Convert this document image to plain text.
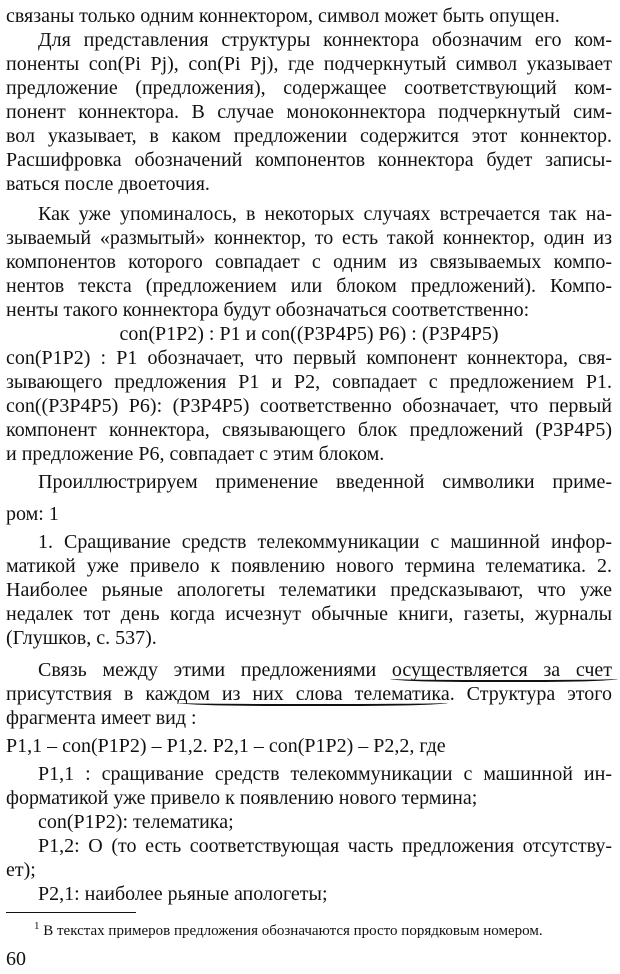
связаны только одним коннектором, символ может быть опущен.
Для представления структуры коннектора обозначим его ком-
поненты con(Pi Pj), con(Pi Pj), где подчеркнутый символ указывает
предложение (предложения), содержащее соответствующий ком-
понент коннектора. В случае моноконнектора подчеркнутый сим-
вол указывает, в каком предложении содержится этот коннектор.
Расшифровка обозначений компонентов коннектора будет записы-
ваться после двоеточия.
Как уже упоминалось, в некоторых случаях встречается так на-
зываемый «размытый» коннектор, то есть такой коннектор, один из
компонентов которого совпадает с одним из связываемых компо-
нентов текста (предложением или блоком предложений). Компо-
ненты такого коннектора будут обозначаться соответственно:
con(P1P2) : P1 и con((P3P4P5) P6) : (P3P4P5)
con(P1P2) : P1 обозначает, что первый компонент коннектора, свя-
зывающего предложения P1 и P2, совпадает с предложением P1.
con((P3P4P5) P6): (P3P4P5) соответственно обозначает, что первый
компонент коннектора, связывающего блок предложений (P3P4P5)
и предложение P6, совпадает с этим блоком.
Проиллюстрируем применение введенной символики приме-
ром: 1
1. Сращивание средств телекоммуникации с машинной инфор-
матикой уже привело к появлению нового термина телематика. 2.
Наиболее рьяные апологеты телематики предсказывают, что уже
недалек тот день когда исчезнут обычные книги, газеты, журналы
(Глушков, с. 537).
Связь между этими предложениями осуществляется за счет
присутствия в каждом из них слова телематика. Структура этого
фрагмента имеет вид :
P1,1 – con(P1P2) – P1,2. P2,1 – con(P1P2) – P2,2, где
P1,1 : сращивание средств телекоммуникации с машинной ин-
форматикой уже привело к появлению нового термина;
con(P1P2): телематика;
P1,2: О (то есть соответствующая часть предложения отсутству-
ет);
P2,1: наиболее рьяные апологеты;
$^1$ В текстах примеров предложения обозначаются просто порядковым номером.
60
